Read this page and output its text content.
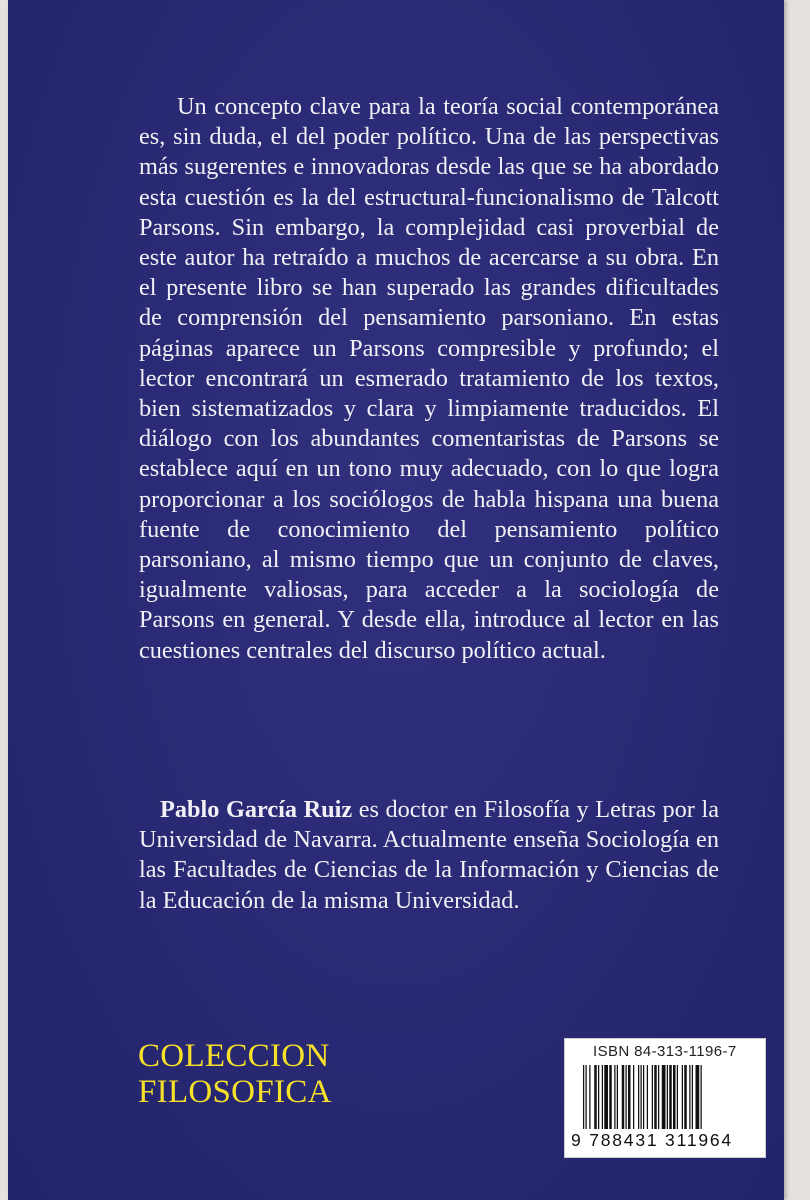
Un concepto clave para la teoría social contemporánea es, sin duda, el del poder político. Una de las perspectivas más sugerentes e innovadoras desde las que se ha abordado esta cuestión es la del estructural-funcionalismo de Talcott Parsons. Sin embargo, la complejidad casi proverbial de este autor ha retraído a muchos de acercarse a su obra. En el presente libro se han superado las grandes dificultades de comprensión del pensamiento parsoniano. En estas páginas aparece un Parsons compresible y profundo; el lector encontrará un esmerado tratamiento de los textos, bien sistematizados y clara y limpiamente traducidos. El diálogo con los abundantes comentaristas de Parsons se establece aquí en un tono muy adecuado, con lo que logra proporcionar a los sociólogos de habla hispana una buena fuente de conocimiento del pensamiento político parsoniano, al mismo tiempo que un conjunto de claves, igualmente valiosas, para acceder a la sociología de Parsons en general. Y desde ella, introduce al lector en las cuestiones centrales del discurso político actual.

Pablo García Ruiz es doctor en Filosofía y Letras por la Universidad de Navarra. Actualmente enseña Sociología en las Facultades de Ciencias de la Información y Ciencias de la Educación de la misma Universidad.

COLECCION
FILOSOFICA
ISBN 84-313-1196-7
9 788431 311964
